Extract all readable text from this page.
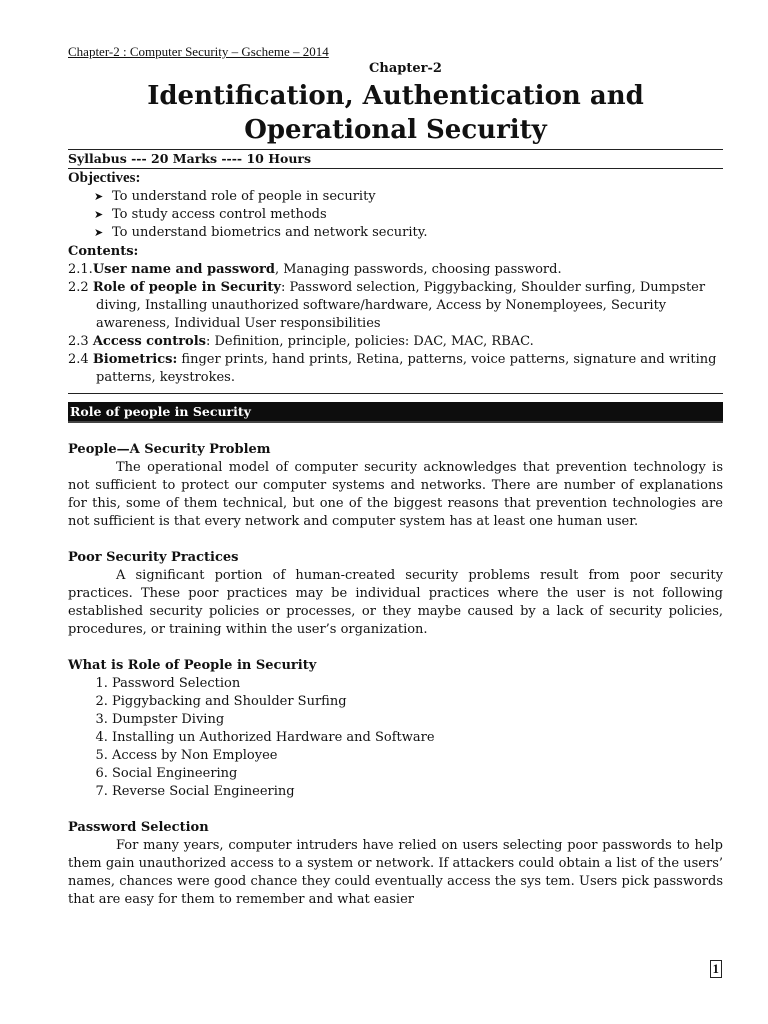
Chapter-2 : Computer Security – Gscheme – 2014

Chapter-2

Identification, Authentication and
Operational Security

Syllabus --- 20 Marks ---- 10 Hours

Objectives:

➤ To understand role of people in security
➤ To study access control methods
➤ To understand biometrics and network security.

Contents:

2.1.User name and password, Managing passwords, choosing password.

2.2 Role of people in Security: Password selection, Piggybacking, Shoulder surfing, Dumpster diving, Installing unauthorized software/hardware, Access by Nonemployees, Security awareness, Individual User responsibilities

2.3 Access controls: Definition, principle, policies: DAC, MAC, RBAC.

2.4 Biometrics: finger prints, hand prints, Retina, patterns, voice patterns, signature and writing patterns, keystrokes.

Role of people in Security
People—A Security Problem

The operational model of computer security acknowledges that prevention technology is not sufficient to protect our computer systems and networks. There are number of explanations for this, some of them technical, but one of the biggest reasons that prevention technologies are not sufficient is that every network and computer system has at least one human user.

Poor Security Practices

A significant portion of human-created security problems result from poor security practices. These poor practices may be individual practices where the user is not following established security policies or processes, or they maybe caused by a lack of security policies, procedures, or training within the user’s organization.

What is Role of People in Security
1. Password Selection
2. Piggybacking and Shoulder Surfing
3. Dumpster Diving
4. Installing un Authorized Hardware and Software
5. Access by Non Employee
6. Social Engineering
7. Reverse Social Engineering
Password Selection

For many years, computer intruders have relied on users selecting poor passwords to help them gain unauthorized access to a system or network. If attackers could obtain a list of the users’ names, chances were good chance they could eventually access the sys tem. Users pick passwords that are easy for them to remember and what easier

1
